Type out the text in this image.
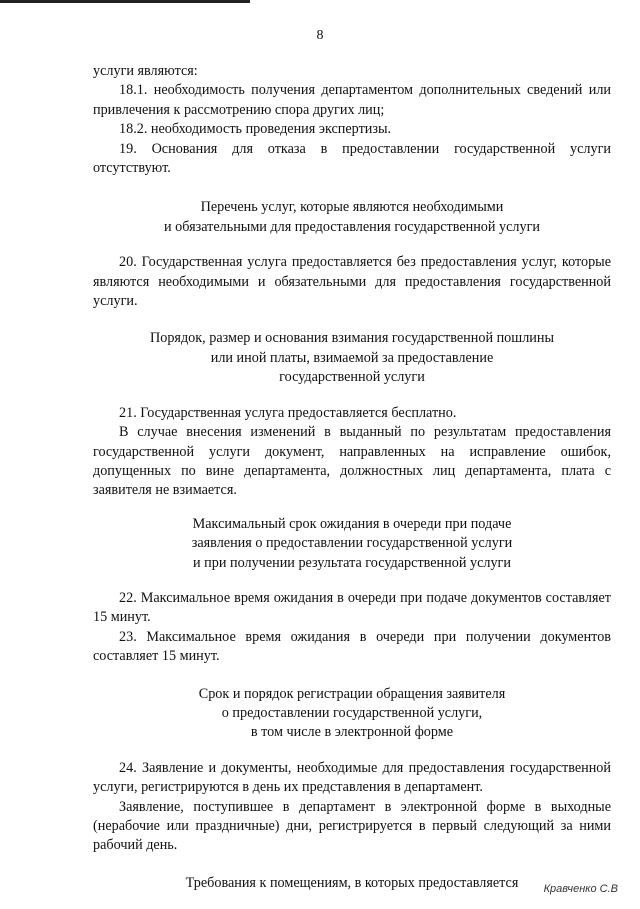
8

услуги являются:

18.1. необходимость получения департаментом дополнительных сведений или привлечения к рассмотрению спора других лиц;

18.2. необходимость проведения экспертизы.

19. Основания для отказа в предоставлении государственной услуги отсутствуют.

Перечень услуг, которые являются необходимыми
и обязательными для предоставления государственной услуги

20. Государственная услуга предоставляется без предоставления услуг, которые являются необходимыми и обязательными для предоставления государственной услуги.

Порядок, размер и основания взимания государственной пошлины
или иной платы, взимаемой за предоставление
государственной услуги

21. Государственная услуга предоставляется бесплатно.

В случае внесения изменений в выданный по результатам предоставления государственной услуги документ, направленных на исправление ошибок, допущенных по вине департамента, должностных лиц департамента, плата с заявителя не взимается.

Максимальный срок ожидания в очереди при подаче
заявления о предоставлении государственной услуги
и при получении результата государственной услуги

22. Максимальное время ожидания в очереди при подаче документов составляет 15 минут.

23. Максимальное время ожидания в очереди при получении документов составляет 15 минут.

Срок и порядок регистрации обращения заявителя
о предоставлении государственной услуги,
в том числе в электронной форме

24. Заявление и документы, необходимые для предоставления государственной услуги, регистрируются в день их представления в департамент.

Заявление, поступившее в департамент в электронной форме в выходные (нерабочие или праздничные) дни, регистрируется в первый следующий за ними рабочий день.

Требования к помещениям, в которых предоставляется	Кравченко С.В
